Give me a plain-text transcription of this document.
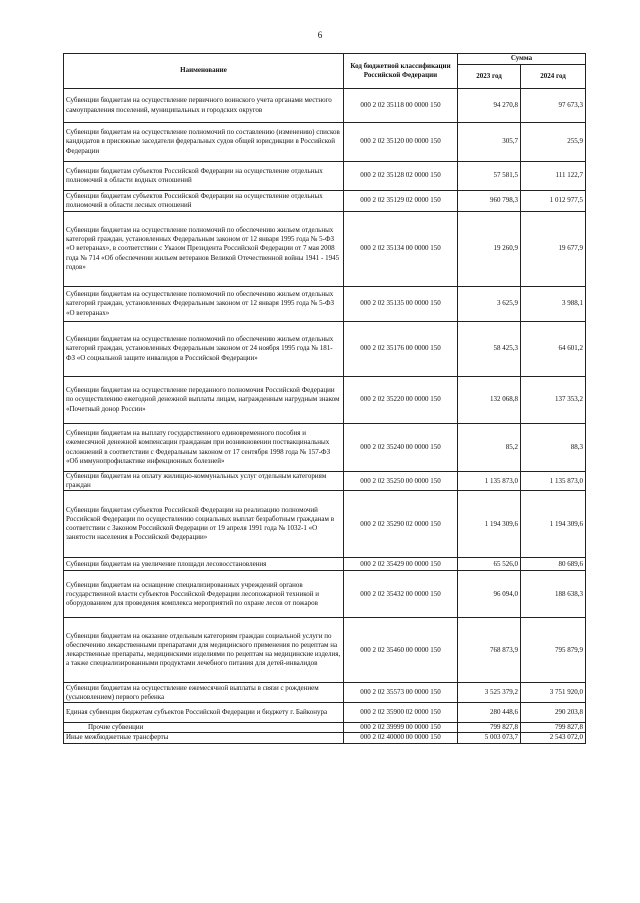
6
Наименование	Код бюджетной классификации Российской Федерации	Сумма	
		2023 год	2024 год
Субвенции бюджетам на осуществление первичного воинского учета органами местного самоуправления поселений, муниципальных и городских округов	000 2 02 35118 00 0000 150	94 270,8	97 673,3
Субвенции бюджетам на осуществление полномочий по составлению (изменению) списков кандидатов в присяжные заседатели федеральных судов общей юрисдикции в Российской Федерации	000 2 02 35120 00 0000 150	305,7	255,9
Субвенции бюджетам субъектов Российской Федерации на осуществление отдельных полномочий в области водных отношений	000 2 02 35128 02 0000 150	57 581,5	111 122,7
Субвенции бюджетам субъектов Российской Федерации на осуществление отдельных полномочий в области лесных отношений	000 2 02 35129 02 0000 150	960 798,3	1 012 977,5
Субвенции бюджетам на осуществление полномочий по обеспечению жильем отдельных категорий граждан, установленных Федеральным законом от 12 января 1995 года № 5-ФЗ «О ветеранах», в соответствии с Указом Президента Российской Федерации от 7 мая 2008 года № 714 «Об обеспечении жильем ветеранов Великой Отечественной войны 1941 - 1945 годов»	000 2 02 35134 00 0000 150	19 260,9	19 677,9
Субвенции бюджетам на осуществление полномочий по обеспечению жильем отдельных категорий граждан, установленных Федеральным законом от 12 января 1995 года № 5-ФЗ «О ветеранах»	000 2 02 35135 00 0000 150	3 625,9	3 988,1
Субвенции бюджетам на осуществление полномочий по обеспечению жильем отдельных категорий граждан, установленных Федеральным законом от 24 ноября 1995 года № 181-ФЗ «О социальной защите инвалидов в Российской Федерации»	000 2 02 35176 00 0000 150	58 425,3	64 601,2
Субвенции бюджетам на осуществление переданного полномочия Российской Федерации по осуществлению ежегодной денежной выплаты лицам, награжденным нагрудным знаком «Почетный донор России»	000 2 02 35220 00 0000 150	132 068,8	137 353,2
Субвенции бюджетам на выплату государственного единовременного пособия и ежемесячной денежной компенсации гражданам при возникновении поствакцинальных осложнений в соответствии с Федеральным законом от 17 сентября 1998 года № 157-ФЗ «Об иммунопрофилактике инфекционных болезней»	000 2 02 35240 00 0000 150	85,2	88,3
Субвенции бюджетам на оплату жилищно-коммунальных услуг отдельным категориям граждан	000 2 02 35250 00 0000 150	1 135 873,0	1 135 873,0
Субвенции бюджетам субъектов Российской Федерации на реализацию полномочий Российской Федерации по осуществлению социальных выплат безработным гражданам в соответствии с Законом Российской Федерации от 19 апреля 1991 года № 1032-1 «О занятости населения в Российской Федерации»	000 2 02 35290 02 0000 150	1 194 309,6	1 194 309,6
Субвенции бюджетам на увеличение площади лесовосстановления	000 2 02 35429 00 0000 150	65 526,0	80 689,6
Субвенции бюджетам на оснащение специализированных учреждений органов государственной власти субъектов Российской Федерации лесопожарной техникой и оборудованием для проведения комплекса мероприятий по охране лесов от пожаров	000 2 02 35432 00 0000 150	96 094,0	188 638,3
Субвенции бюджетам на оказание отдельным категориям граждан социальной услуги по обеспечению лекарственными препаратами для медицинского применения по рецептам на лекарственные препараты, медицинскими изделиями по рецептам на медицинские изделия, а также специализированными продуктами лечебного питания для детей-инвалидов	000 2 02 35460 00 0000 150	768 873,9	795 879,9
Субвенции бюджетам на осуществление ежемесячной выплаты в связи с рождением (усыновлением) первого ребенка	000 2 02 35573 00 0000 150	3 525 379,2	3 751 920,0
Единая субвенция бюджетам субъектов Российской Федерации и бюджету г. Байконура	000 2 02 35900 02 0000 150	280 448,6	290 203,8
Прочие субвенции	000 2 02 39999 00 0000 150	799 827,8	799 827,8
Иные межбюджетные трансферты	000 2 02 40000 00 0000 150	5 003 073,7	2 543 072,0
